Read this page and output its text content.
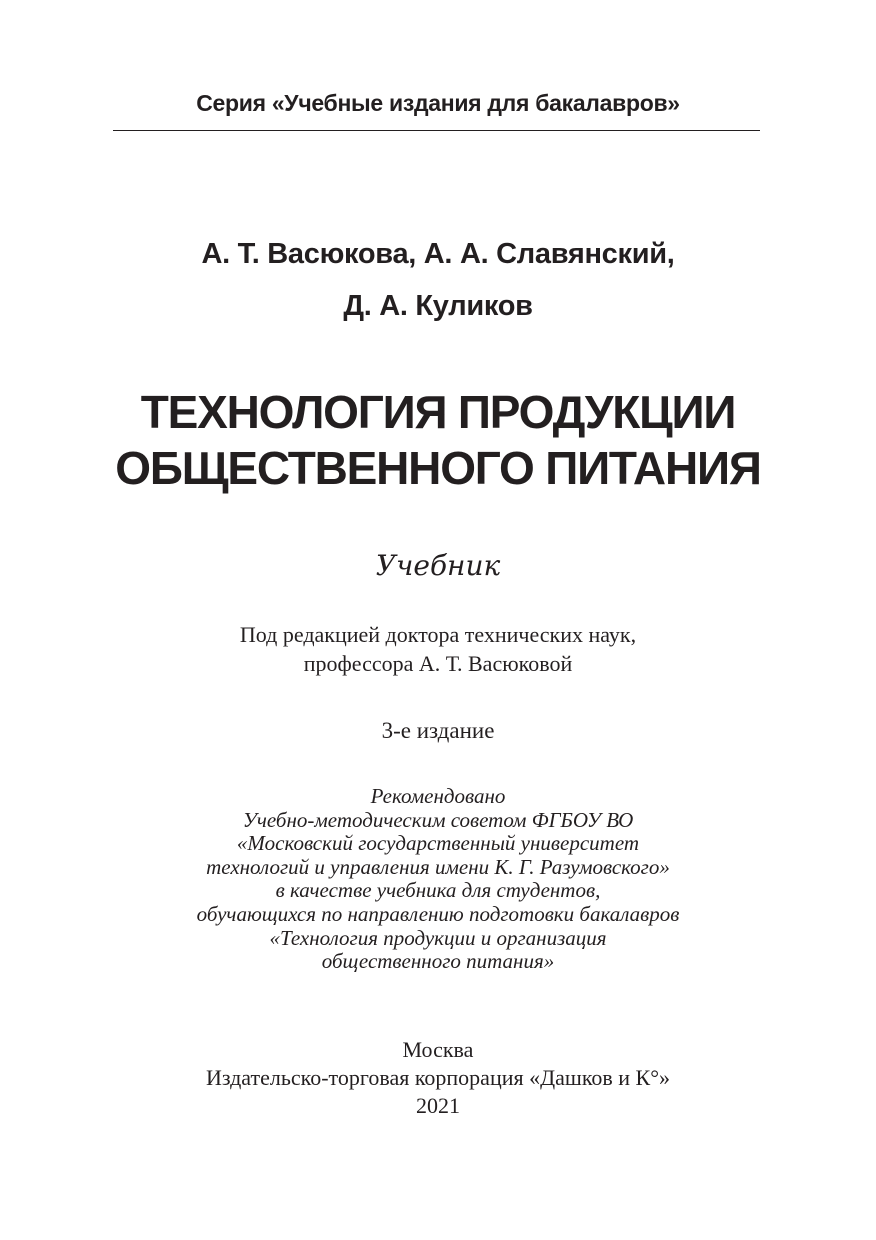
Серия «Учебные издания для бакалавров»
А. Т. Васюкова, А. А. Славянский,
Д. А. Куликов
ТЕХНОЛОГИЯ ПРОДУКЦИИ
ОБЩЕСТВЕННОГО ПИТАНИЯ
Учебник
Под редакцией доктора технических наук,
профессора А. Т. Васюковой
3-е издание
Рекомендовано
Учебно-методическим советом ФГБОУ ВО
«Московский государственный университет
технологий и управления имени К. Г. Разумовского»
в качестве учебника для студентов,
обучающихся по направлению подготовки бакалавров
«Технология продукции и организация
общественного питания»
Москва
Издательско-торговая корпорация «Дашков и К°»
2021
